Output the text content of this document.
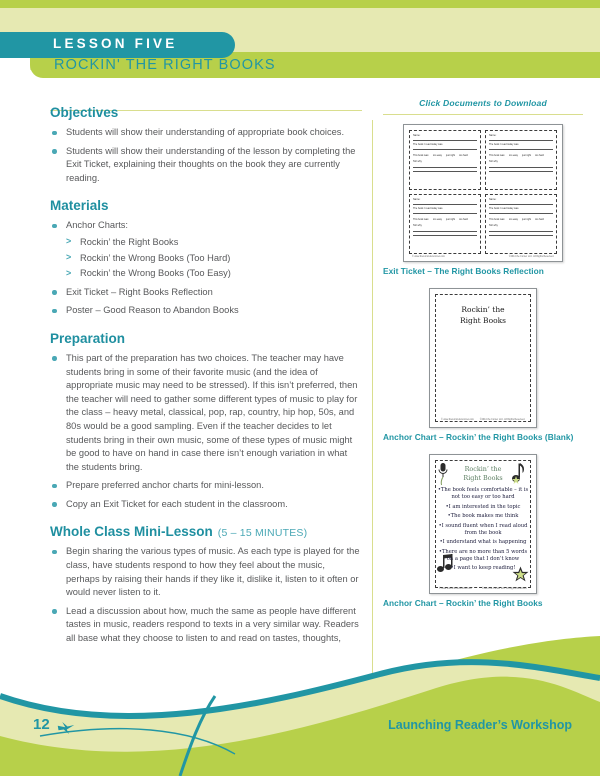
LESSON FIVE
ROCKIN' THE RIGHT BOOKS
Objectives
Students will show their understanding of appropriate book choices.
Students will show their understanding of the lesson by completing the Exit Ticket, explaining their thoughts on the book they are currently reading.
Materials
Anchor Charts:
> Rockin’ the Right Books
> Rockin’ the Wrong Books (Too Hard)
> Rockin’ the Wrong Books (Too Easy)
Exit Ticket – Right Books Reflection
Poster – Good Reason to Abandon Books
Preparation
This part of the preparation has two choices. The teacher may have students bring in some of their favorite music (and the idea of appropriate music may need to be stressed). If this isn’t preferred, then the teacher will need to gather some different types of music to play for the class – heavy metal, classical, pop, rap, country, hip hop, 50s, and 80s would be a good sampling. Even if the teacher decides to let students bring in their own music, some of these types of music might be good to have on hand in case there isn’t enough variation in what the students bring.
Prepare preferred anchor charts for mini-lesson.
Copy an Exit Ticket for each student in the classroom.
Whole Class Mini-Lesson (5 – 15 MINUTES)
Begin sharing the various types of music. As each type is played for the class, have students respond to how they feel about the music, perhaps by raising their hands if they like it, dislike it, listen to it often or would never listen to it.
Lead a discussion about how, much the same as people have different tastes in music, readers respond to texts in a very similar way. Readers all base what they choose to listen to and read on tastes, thoughts,
Click Documents to Download
Name:
The book I read today was
This book was: too easy just right too hard
Tell why
Name:
The book I read today was
This book was: too easy just right too hard
Tell why
Name:
The book I read today was
This book was: too easy just right too hard
Tell why
Name:
The book I read today was
This book was: too easy just right too hard
Tell why
© www.thecurriculumcorner.com	©2014 the Corner LLC. All Rights Reserved.
Exit Ticket – The Right Books Reflection
Rockin’ the
Right Books
© www.thecurriculumcorner.com	©2014 the Corner LLC. All Rights Reserved.
Anchor Chart – Rockin’ the Right Books (Blank)
Rockin’ the
Right Books
• The book feels comfortable – it is not too easy or too hard
• I am interested in the topic
• The book makes me think
• I sound fluent when I read aloud from the book
• I understand what is happening
• There are no more than 5 words on a page that I don’t know
• I want to keep reading!
© www.thecurriculumcorner.com	©2014 the Corner LLC. All Rights Reserved.
Anchor Chart – Rockin’ the Right Books
12	Launching Reader’s Workshop
